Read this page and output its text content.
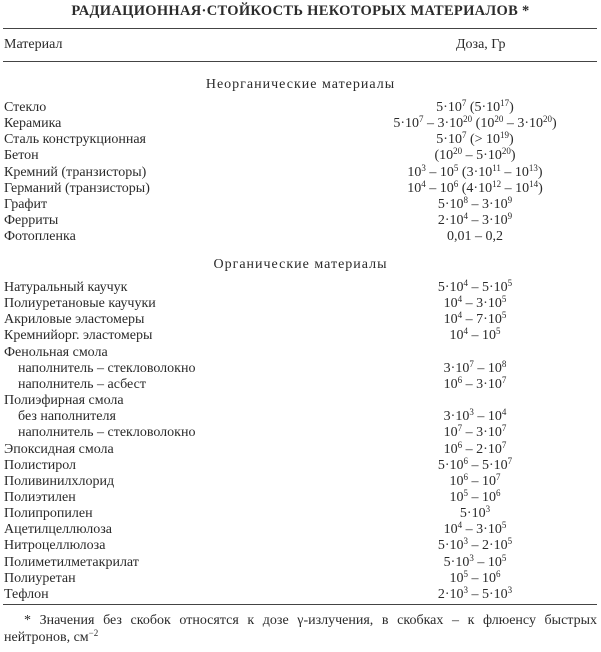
РАДИАЦИОННАЯ·СТОЙКОСТЬ НЕКОТОРЫХ МАТЕРИАЛОВ *
Материал	Доза, Гр
Неорганические материалы
Стекло	$5\cdot 10^7$ $(5\cdot 10^{17})$
Керамика	$5\cdot 10^7 - 3\cdot 10^{20}$ $(10^{20} - 3\cdot 10^{20})$
Сталь конструкционная	$5\cdot 10^7$ (> $10^{19}$)
Бетон	$(10^{20} - 5\cdot 10^{20})$
Кремний (транзисторы)	$10^3 - 10^5$ $(3\cdot 10^{11} - 10^{13})$
Германий (транзисторы)	$10^4 - 10^6$ $(4\cdot 10^{12} - 10^{14})$
Графит	$5\cdot 10^8 - 3\cdot 10^9$
Ферриты	$2\cdot 10^4 - 3\cdot 10^9$
Фотопленка	0,01 – 0,2
Органические материалы
Натуральный каучук	$5\cdot 10^4 - 5\cdot 10^5$
Полиуретановые каучуки	$10^4 - 3\cdot 10^5$
Акриловые эластомеры	$10^4 - 7\cdot 10^5$
Кремнийорг. эластомеры	$10^4 - 10^5$
Фенольная смола
наполнитель – стекловолокно	$3\cdot 10^7 - 10^8$
наполнитель – асбест	$10^6 - 3\cdot 10^7$
Полиэфирная смола
без наполнителя	$3\cdot 10^3 - 10^4$
наполнитель – стекловолокно	$10^7 - 3\cdot 10^7$
Эпоксидная смола	$10^6 - 2\cdot 10^7$
Полистирол	$5\cdot 10^6 - 5\cdot 10^7$
Поливинилхлорид	$10^6 - 10^7$
Полиэтилен	$10^5 - 10^6$
Полипропилен	$5\cdot 10^3$
Ацетилцеллюлоза	$10^4 - 3\cdot 10^5$
Нитроцеллюлоза	$5\cdot 10^3 - 2\cdot 10^5$
Полиметилметакрилат	$5\cdot 10^3 - 10^5$
Полиуретан	$10^5 - 10^6$
Тефлон	$2\cdot 10^3 - 5\cdot 10^3$
* Значения без скобок относятся к дозе γ-излучения, в скобках – к флюенсу быстрых нейтронов, $см^{-2}$
